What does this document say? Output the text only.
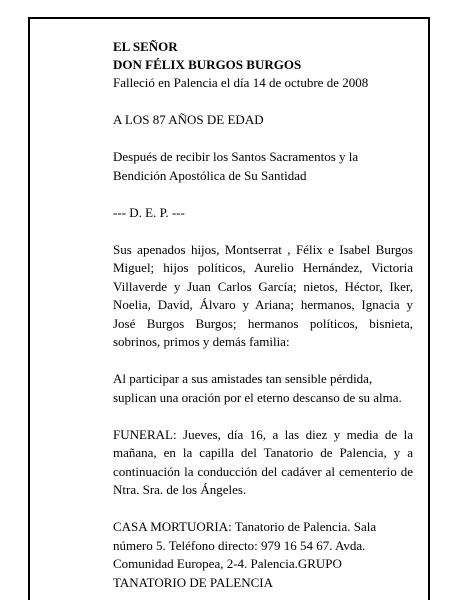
EL SEÑOR

DON FÉLIX BURGOS BURGOS

Falleció en Palencia el día 14 de octubre de 2008

A LOS 87 AÑOS DE EDAD

Después de recibir los Santos Sacramentos y la Bendición Apostólica de Su Santidad

--- D. E. P. ---

Sus apenados hijos, Montserrat , Félix e Isabel Burgos Miguel; hijos políticos, Aurelio Hernández, Victoria Villaverde y Juan Carlos García; nietos, Héctor, Iker, Noelia, David, Álvaro y Ariana; hermanos, Ignacia y José Burgos Burgos; hermanos políticos, bisnieta, sobrinos, primos y demás familia:

Al participar a sus amistades tan sensible pérdida, suplican una oración por el eterno descanso de su alma.

FUNERAL: Jueves, día 16, a las diez y media de la mañana, en la capilla del Tanatorio de Palencia, y a continuación la conducción del cadáver al cementerio de Ntra. Sra. de los Ángeles.

CASA MORTUORIA: Tanatorio de Palencia. Sala número 5. Teléfono directo: 979 16 54 67. Avda. Comunidad Europea, 2-4. Palencia.GRUPO TANATORIO DE PALENCIA
